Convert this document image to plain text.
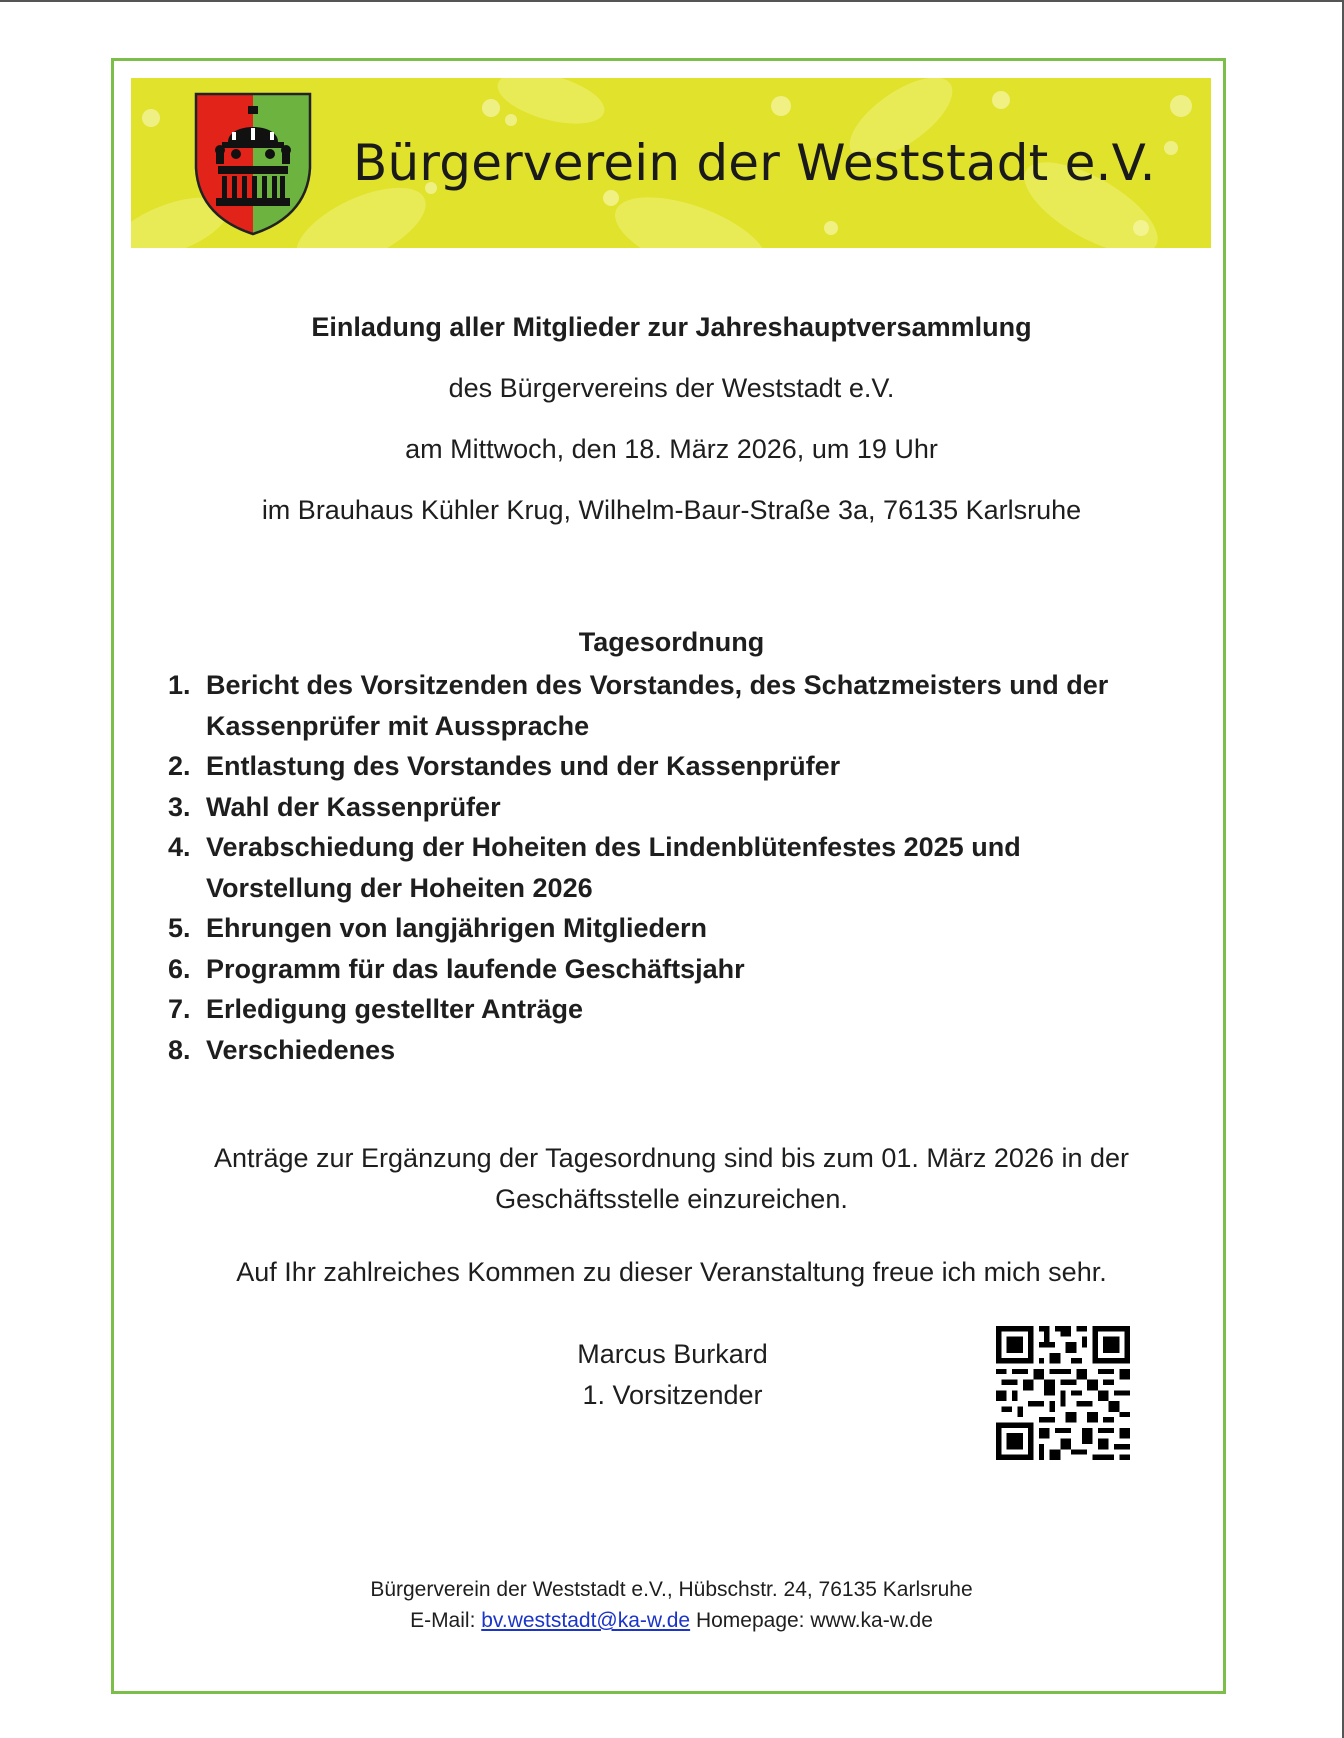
Bürgerverein der Weststadt e.V.
Einladung aller Mitglieder zur Jahreshauptversammlung
des Bürgervereins der Weststadt e.V.
am Mittwoch, den 18. März 2026, um 19 Uhr
im Brauhaus Kühler Krug, Wilhelm-Baur-Straße 3a, 76135 Karlsruhe
Tagesordnung
1. Bericht des Vorsitzenden des Vorstandes, des Schatzmeisters und der
Kassenprüfer mit Aussprache
2. Entlastung des Vorstandes und der Kassenprüfer
3. Wahl der Kassenprüfer
4. Verabschiedung der Hoheiten des Lindenblütenfestes 2025 und
Vorstellung der Hoheiten 2026
5. Ehrungen von langjährigen Mitgliedern
6. Programm für das laufende Geschäftsjahr
7. Erledigung gestellter Anträge
8. Verschiedenes
Anträge zur Ergänzung der Tagesordnung sind bis zum 01. März 2026 in der
Geschäftsstelle einzureichen.
Auf Ihr zahlreiches Kommen zu dieser Veranstaltung freue ich mich sehr.
Marcus Burkard
1. Vorsitzender
Bürgerverein der Weststadt e.V., Hübschstr. 24, 76135 Karlsruhe
E-Mail: bv.weststadt@ka-w.de Homepage: www.ka-w.de
